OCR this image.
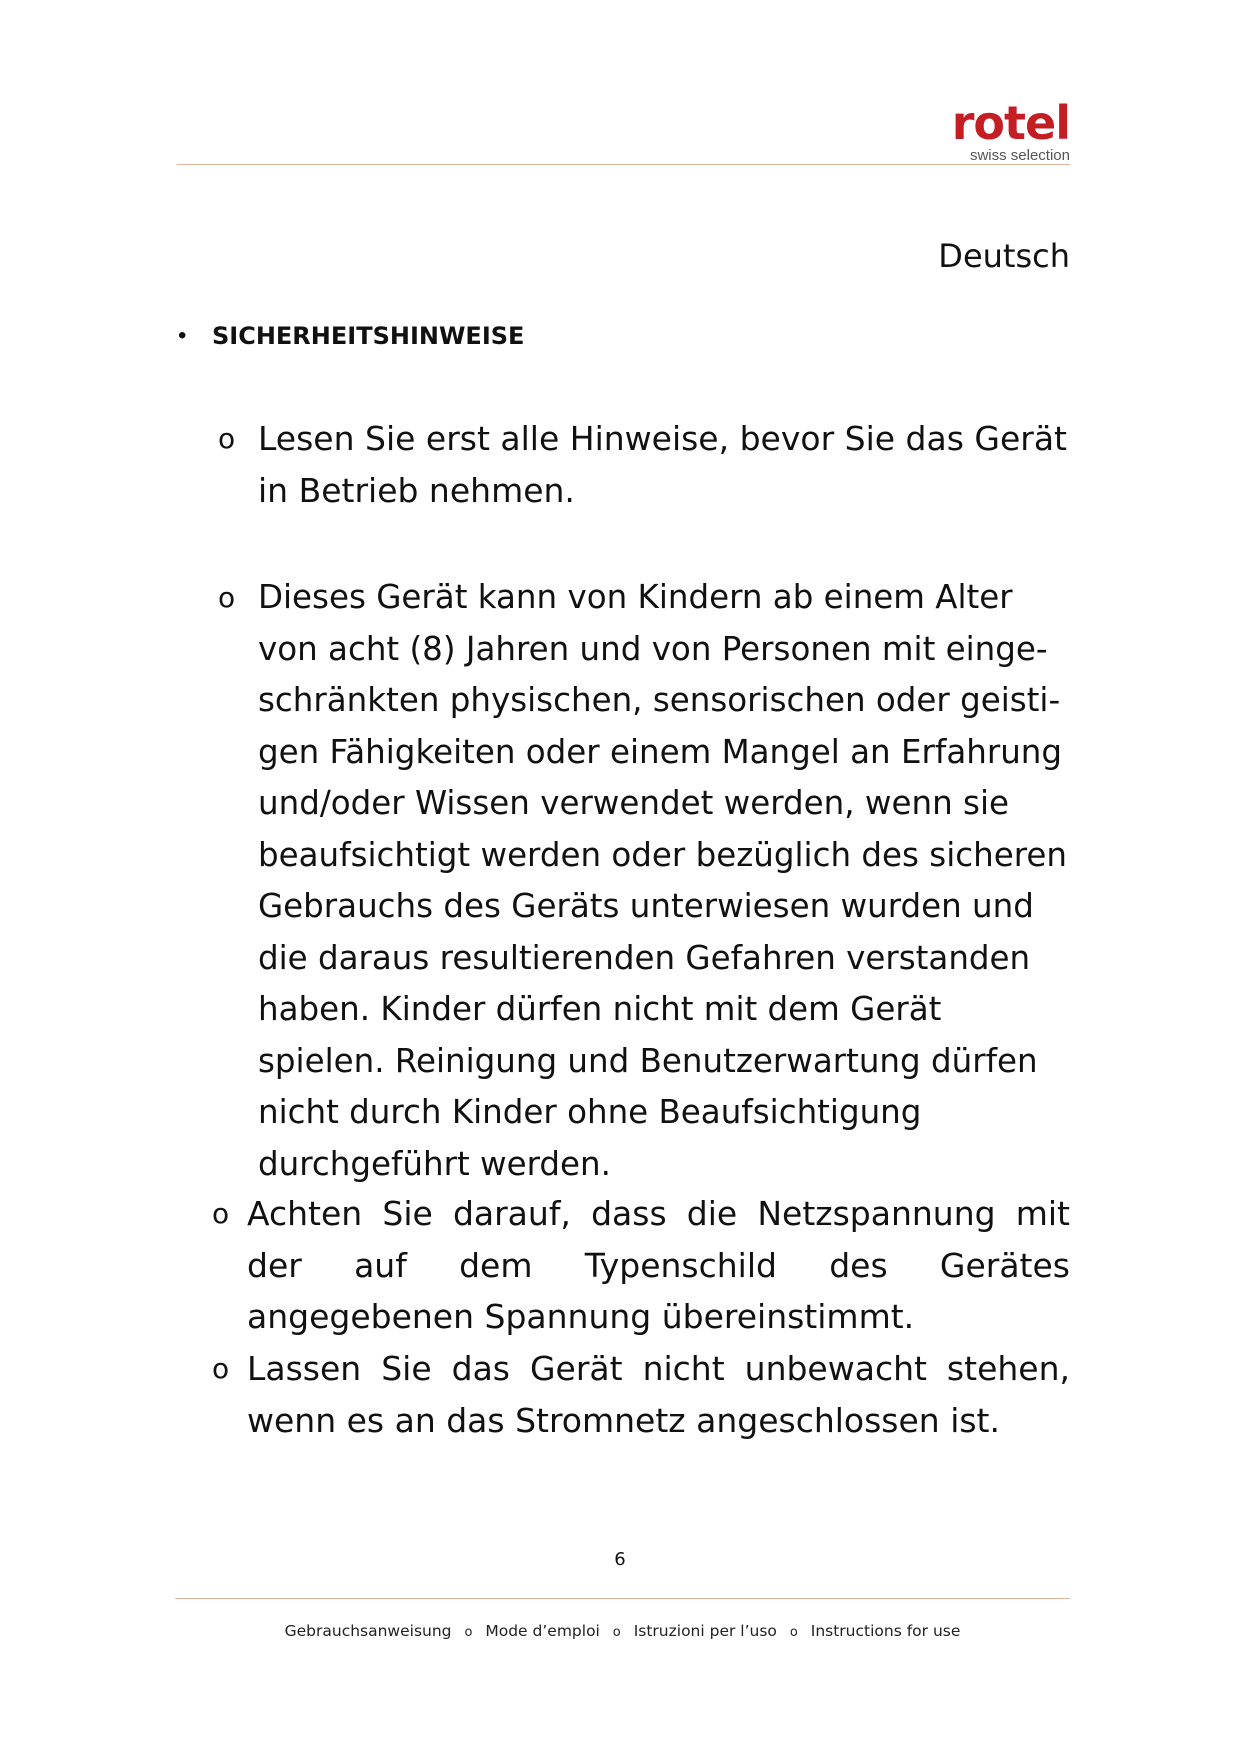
rotel
swiss selection
Deutsch
• SICHERHEITSHINWEISE
o Lesen Sie erst alle Hinweise, bevor Sie das Gerät in Betrieb nehmen.
o Dieses Gerät kann von Kindern ab einem Alter von acht (8) Jahren und von Personen mit einge-schränkten physischen, sensorischen oder geisti-gen Fähigkeiten oder einem Mangel an Erfahrung und/oder Wissen verwendet werden, wenn sie beaufsichtigt werden oder bezüglich des sicheren Gebrauchs des Geräts unterwiesen wurden und die daraus resultierenden Gefahren verstanden haben. Kinder dürfen nicht mit dem Gerät spielen. Reinigung und Benutzerwartung dürfen nicht durch Kinder ohne Beaufsichtigung durchgeführt werden.
o Achten Sie darauf, dass die Netzspannung mit der auf dem Typenschild des Gerätes angegebenen Spannung übereinstimmt.
o Lassen Sie das Gerät nicht unbewacht stehen, wenn es an das Stromnetz angeschlossen ist.
6
Gebrauchsanweisung o Mode d’emploi o Istruzioni per l’uso o Instructions for use
